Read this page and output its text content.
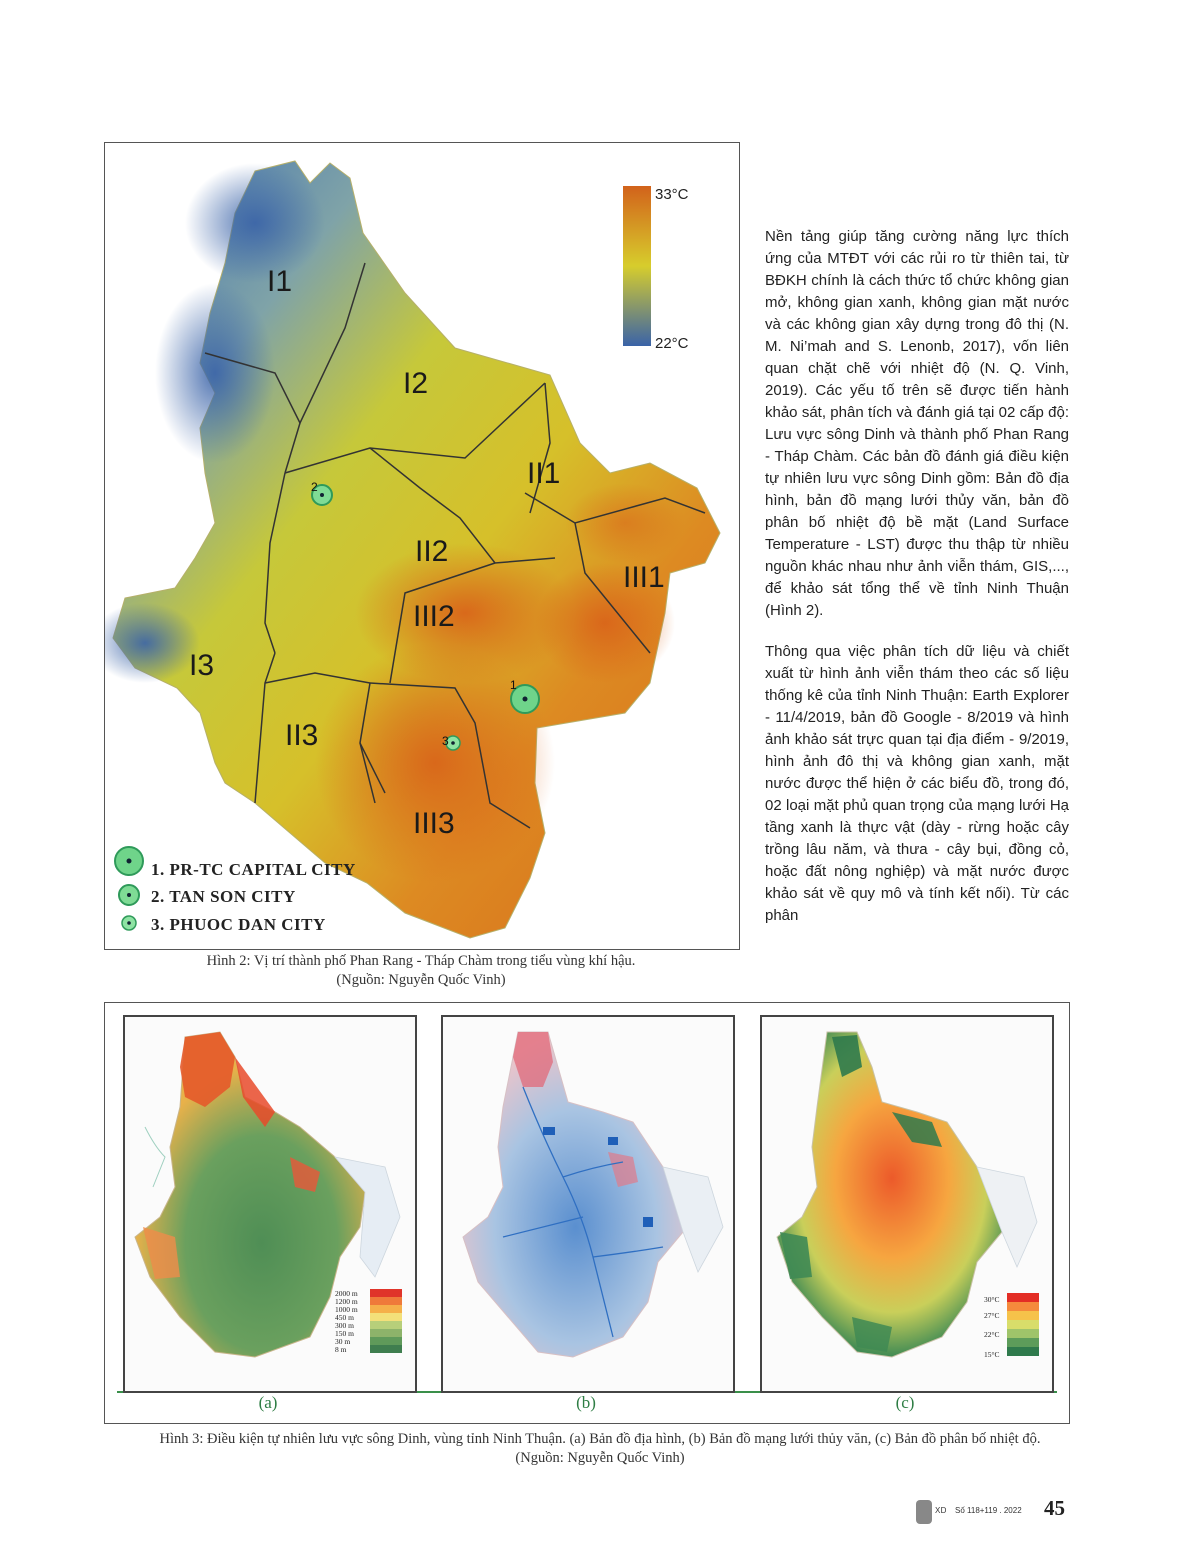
I1
I2
II1
II2
III1
III2
I3
II3
III3
1
2
3
33°C
22°C
1. PR-TC CAPITAL CITY
2. TAN SON CITY
3. PHUOC DAN CITY
Hình 2: Vị trí thành phố Phan Rang - Tháp Chàm trong tiểu vùng khí hậu.
(Nguồn: Nguyễn Quốc Vinh)

Nền tảng giúp tăng cường năng lực thích ứng của MTĐT với các rủi ro từ thiên tai, từ BĐKH chính là cách thức tổ chức không gian mở, không gian xanh, không gian mặt nước và các không gian xây dựng trong đô thị (N. M. Ni’mah and S. Lenonb, 2017), vốn liên quan chặt chẽ với nhiệt độ (N. Q. Vinh, 2019). Các yếu tố trên sẽ được tiến hành khảo sát, phân tích và đánh giá tại 02 cấp độ: Lưu vực sông Dinh và thành phố Phan Rang - Tháp Chàm. Các bản đồ đánh giá điều kiện tự nhiên lưu vực sông Dinh gồm: Bản đồ địa hình, bản đồ mạng lưới thủy văn, bản đồ phân bố nhiệt độ bề mặt (Land Surface Temperature - LST) được thu thập từ nhiều nguồn khác nhau như ảnh viễn thám, GIS,..., để khảo sát tổng thể về tỉnh Ninh Thuận (Hình 2).

Thông qua việc phân tích dữ liệu và chiết xuất từ hình ảnh viễn thám theo các số liệu thống kê của tỉnh Ninh Thuận: Earth Explorer - 11/4/2019, bản đồ Google - 8/2019 và hình ảnh khảo sát trực quan tại địa điểm - 9/2019, hình ảnh đô thị và không gian xanh, mặt nước được thể hiện ở các biểu đồ, trong đó, 02 loại mặt phủ quan trọng của mạng lưới Hạ tầng xanh là thực vật (dày - rừng hoặc cây trồng lâu năm, và thưa - cây bụi, đồng cỏ, hoặc đất nông nghiệp) và mặt nước được khảo sát về quy mô và tính kết nối). Từ các phân

2000 m
1200 m
1000 m
450 m
300 m
150 m
30 m
8 m
(a)	(b)
30°C
27°C
22°C
15°C
(c)
Hình 3: Điều kiện tự nhiên lưu vực sông Dinh, vùng tỉnh Ninh Thuận. (a) Bản đồ địa hình, (b) Bản đồ mạng lưới thủy văn, (c) Bản đồ phân bố nhiệt độ.
(Nguồn: Nguyễn Quốc Vinh)
XD Số 118+119 . 2022 45
